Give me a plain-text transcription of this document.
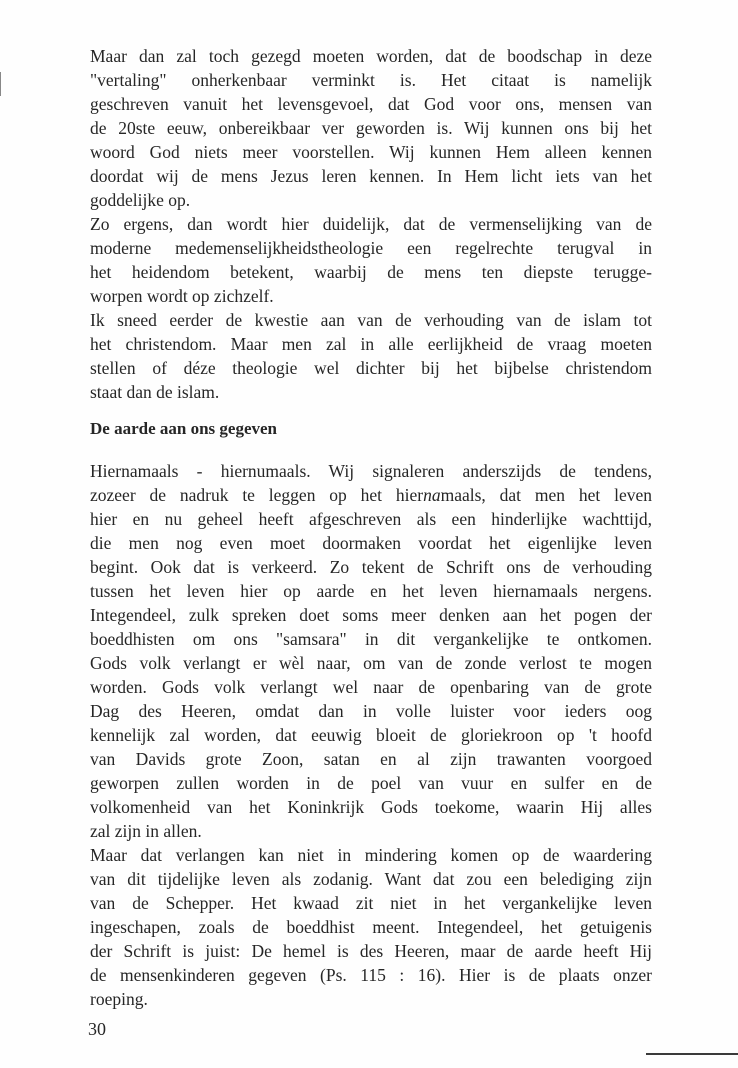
Maar dan zal toch gezegd moeten worden, dat de boodschap in deze
"vertaling" onherkenbaar verminkt is. Het citaat is namelijk
geschreven vanuit het levensgevoel, dat God voor ons, mensen van
de 20ste eeuw, onbereikbaar ver geworden is. Wij kunnen ons bij het
woord God niets meer voorstellen. Wij kunnen Hem alleen kennen
doordat wij de mens Jezus leren kennen. In Hem licht iets van het
goddelijke op.
Zo ergens, dan wordt hier duidelijk, dat de vermenselijking van de
moderne medemenselijkheidstheologie een regelrechte terugval in
het heidendom betekent, waarbij de mens ten diepste terugge-
worpen wordt op zichzelf.
Ik sneed eerder de kwestie aan van de verhouding van de islam tot
het christendom. Maar men zal in alle eerlijkheid de vraag moeten
stellen of déze theologie wel dichter bij het bijbelse christendom
staat dan de islam.
De aarde aan ons gegeven
Hiernamaals - hiernumaals. Wij signaleren anderszijds de tendens,
zozeer de nadruk te leggen op het hiernamaals, dat men het leven
hier en nu geheel heeft afgeschreven als een hinderlijke wachttijd,
die men nog even moet doormaken voordat het eigenlijke leven
begint. Ook dat is verkeerd. Zo tekent de Schrift ons de verhouding
tussen het leven hier op aarde en het leven hiernamaals nergens.
Integendeel, zulk spreken doet soms meer denken aan het pogen der
boeddhisten om ons "samsara" in dit vergankelijke te ontkomen.
Gods volk verlangt er wèl naar, om van de zonde verlost te mogen
worden. Gods volk verlangt wel naar de openbaring van de grote
Dag des Heeren, omdat dan in volle luister voor ieders oog
kennelijk zal worden, dat eeuwig bloeit de gloriekroon op 't hoofd
van Davids grote Zoon, satan en al zijn trawanten voorgoed
geworpen zullen worden in de poel van vuur en sulfer en de
volkomenheid van het Koninkrijk Gods toekome, waarin Hij alles
zal zijn in allen.
Maar dat verlangen kan niet in mindering komen op de waardering
van dit tijdelijke leven als zodanig. Want dat zou een belediging zijn
van de Schepper. Het kwaad zit niet in het vergankelijke leven
ingeschapen, zoals de boeddhist meent. Integendeel, het getuigenis
der Schrift is juist: De hemel is des Heeren, maar de aarde heeft Hij
de mensenkinderen gegeven (Ps. 115 : 16). Hier is de plaats onzer
roeping.
30
